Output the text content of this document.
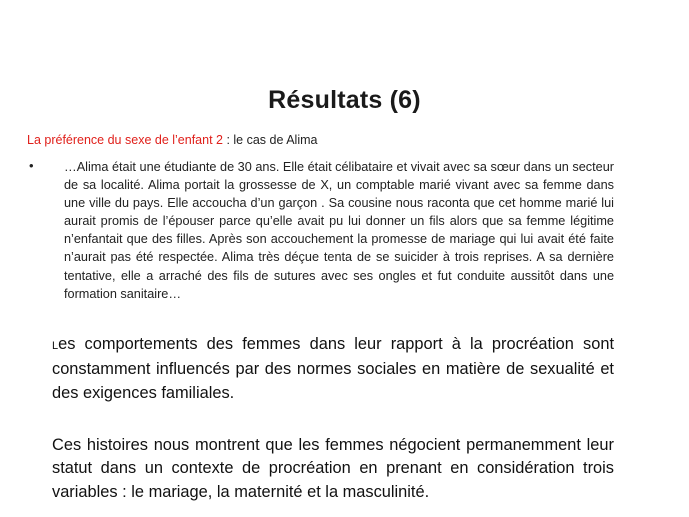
Résultats (6)
La préférence du sexe de l’enfant 2 : le cas de Alima
• …Alima était une étudiante de 30 ans. Elle était célibataire et vivait avec sa sœur dans un secteur de sa localité. Alima portait la grossesse de X, un comptable marié vivant avec sa femme dans une ville du pays. Elle accoucha d’un garçon . Sa cousine nous raconta que cet homme marié lui aurait promis de l’épouser parce qu’elle avait pu lui donner un fils alors que sa femme légitime n’enfantait que des filles. Après son accouchement la promesse de mariage qui lui avait été faite n’aurait pas été respectée. Alima très déçue tenta de se suicider à trois reprises. A sa dernière tentative, elle a arraché des fils de sutures avec ses ongles et fut conduite aussitôt dans une formation sanitaire…
Les comportements des femmes dans leur rapport à la procréation sont constamment influencés par des normes sociales en matière de sexualité et des exigences familiales.
Ces histoires nous montrent que les femmes négocient permanemment leur statut dans un contexte de procréation en prenant en considération trois variables : le mariage, la maternité et la masculinité.
